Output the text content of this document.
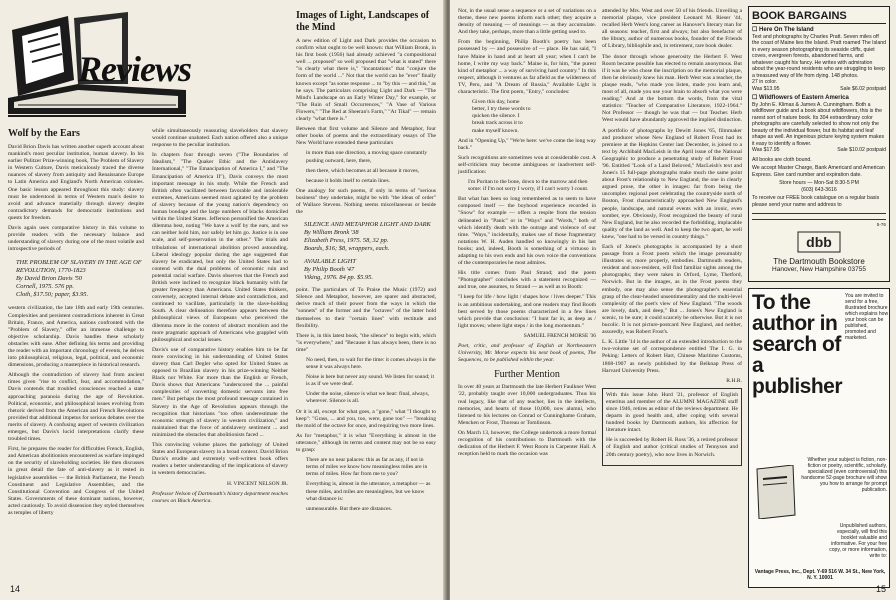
Reviews
Wolf by the Ears

David Brion Davis has written another superb account about mankind's most peculiar institution, human slavery. In his earlier Pulitzer Prize-winning book, The Problem of Slavery in Western Culture, Davis meticulously traced the diverse nuances of slavery from antiquity and Renaissance Europe to Latin America and England's North American colonies. One basic lesson appeared throughout this study: slavery must be understood in terms of Western man's desire to avoid and advance materially through slavery despite contradictory demands for democratic institutions and quests for freedom.

Davis again uses comparative history in this volume to provide readers with the necessary balance and understanding of slavery during one of the most volatile and introspective periods of

THE PROBLEM OF SLAVERY IN THE AGE OF REVOLUTION, 1770-1823
By David Brion Davis '50
Cornell, 1975. 576 pp.
Cloth, $17.50; paper, $3.95.

western civilization, the late 18th and early 19th centuries. Complexities and persistent contradictions inherent in Great Britain, France, and America, nations confronted with the "Problem of Slavery," offer an immense challenge to objective scholarship. Davis handles these scholarly obstacles with ease. After defining his terms and providing the reader with an important chronology of events, he delves into philosophical, religious, legal, political, and economic dimensions, producing a masterpiece in historical research.

Although the contradiction of slavery had from ancient times given "rise to conflict, fear, and accommodation," Davis contends that troubled consciences reached a state approaching paranoia during the age of Revolution. Political, economic, and philosophical issues evolving from rhetoric derived from the American and French Revolutions provided that additional impetus for serious debates over the merits of slavery. A confusing aspect of western civilization emerges, but Davis's lucid interpretations clarify these troubled times.

First, he prepares the reader for difficulties French, English, and American abolitionists encountered as warfare impinged on the security of slaveholding societies. He then discusses in great detail the fate of anti-slavery as it rested in legislative assemblies — the British Parliament, the French Constituent and Legislative Assemblies, and the Constitutional Convention and Congress of the United States. Governments of these dominant nations, however, acted cautiously. To avoid dissension they styled themselves as temples of liberty

while simultaneously reassuring slaveholders that slavery would continue unabated. Each nation offered also a unique response to the peculiar institution.

In chapters four through seven ("The Boundaries of Idealism," "The Quaker Ethic and the Antislavery International," "The Emancipation of America I," and "The Emancipation of America II"), Davis conveys the most important message in his study. While the French and British often vacillated between favorable and intolerable extremes, Americans seemed most agitated by the problem of slavery because of the young nation's dependency on human bondage and the large numbers of blacks domiciled within the United States. Jefferson personified the American dilemma best, noting "We have a wolf by the ears, and we can neither hold him, nor safely let him go. Justice is in one scale, and self-preservation in the other." The trials and tribulations of international abolition proved astounding. Liberal ideology popular during the age suggested that slavery be eradicated, but only the United States had to contend with the dual problems of economic ruin and potential racial warfare. Davis observes that the French and British were inclined to recognize black humanity with far greater frequency than Americans. United States thinkers, conversely, accepted internal debate and contradiction, and continued to vacillate, particularly in the slave-holding South. A clear delineation therefore appears between the philosophical views of Europeans who perceived the dilemma more in the context of abstract moralism and the more pragmatic approach of Americans who grappled with philosophical and social issues.

Davis's use of comparative history enables him to be far more convincing in his understanding of United States slavery than Carl Degler who opted for United States as opposed to Brazilian slavery in his prize-winning Neither Black nor White. Far more than the English or French, Davis shows that Americans "underscored the ... painful complexities of converting domestic servants into free men." But perhaps the most profound message contained in Slavery in the Age of Revolution appears through the recognition that historians "too often underestimate the economic strength of slavery in western civilization," and maintained that the force of antislavery sentiment ... and minimized the obstacles that abolitionists faced ...

This convincing volume places the pathology of United States and European slavery in a broad context. David Brion Davis's erudite and extremely well-written book offers readers a better understanding of the implications of slavery in western democracies.

H. VINCENT NELSON JR.

Professor Nelson of Dartmouth's history department teaches courses on Black America.

Images of Light, Landscapes of the Mind

A new edition of Light and Dark provides the occasion to confirm what ought to be well known: that William Bronk, in his first book (1956) had already achieved "a compositional well ... proposed" so well proposed that "what is stated" there "is clearly what there is," "incantations" that "conjure the form of the world ..." Not that the world can be "ever" finally known except "as some response ... to "by this — and this," as he says. The particulars comprising Light and Dark — "The Mind's Landscape on an Early Winter Day," for example, or "The Ruin of Small Occurrences," "A Vase of Various Flowers," "The Red at Sheeran's Farm," "At Tikal" — remain clearly "what there is."

Between that first volume and Silence and Metaphor, four other books of poems and the extraordinary essays of The New World have extended these particulars

in more than one direction, a moving space constantly pushing outward, here, there,

then there, which becomes at all because it moves,

because it holds itself to certain lines.

One analogy for such poems, if only in terms of "serious business" they undertake, might be with "the ideas of order" of Wallace Stevens. Nothing seems miscellaneous or beside the

SILENCE AND METAPHOR LIGHT AND DARK
By William Bronk '38
Elizabeth Press, 1975. 58, 32 pp.
Boards, $16; $8, wrappers, each.
AVAILABLE LIGHT
By Philip Booth '47
Viking, 1976. 84 pp. $5.95.

point. The particulars of To Praise the Music (1972) and Silence and Metaphor, however, are sparer and abstracted, derive much of their power from the ways in which the "sonnets" of the former and the "octaves" of the latter hold themselves to their "certain lines" with rectitude and flexibility.

There is, in this latest book, "the silence" to begin with, which "is everywhere," and "Because it has always been, there is no time"

No need, then, to wait for the time: it comes always in the sense it was always here.

Noise is here but never any sound. We listen for sound; it is as if we were deaf.

Under the noise, silence is what we hear: final, always, wherever. Silence is all.

Or it is all, except for what goes, a "gone," what "I thought to keep": "Grass, ... and you, too, were, gone too" — "breaking the mold of the octave for once, and requiring two more lines.

As for "metaphor," it is what "Everything is almost in the utterance," although its terms and content may not be so easy to grasp:

There are no near palaces: this as far as any, if not in terms of miles we know how meaningless miles are in terms of miles. How far from me to you?

Everything is, almost in the utterance, a metaphor — as these miles, and miles are meaningless, but we know what distance is:

unmeasurable. But there are distances.

14

Not, in the usual sense a sequence or a set of variations on a theme, these new poems inform each other; they acquire a density of meaning — of meanings — as they accumulate. And they take, perhaps, more than a little getting used to.

From the beginning, Philip Booth's poetry has been possessed by — and possessive of — place. He has said, "I have Maine in hand and at heart all year; when I can't be home, I write my way back." Maine is, for him, "the purest kind of metaphor ... a way of surviving hard country." In this respect, although it ventures as far afield as the wilderness of TV, Peru, and "A Dream of Russia," Available Light is characteristic. The first poem, "Entry," concludes:

Given this day, home better, I try these words to quicken the silence. I break track across it to make myself known.

And in "Opening Up," "We're here: we've come the long way back."

Such recognitions are sometimes won at considerable cost. A self-criticism may become ambiguous or inadvertent self-justification:

I'm Puritan to the bone, down to the marrow and then some: if I'm not sorry I worry, if I can't worry I count.

But what has been so long remembered as to seem to have composed itself — the boyhood experience recorded in "Snow" for example — offers a respite from the tension delineated in "Panic" or in "Ways" and "Words," both of which identify death with the outrage and violence of our time. "Ways," incidentally, makes use of those fragmentary notations W. H. Auden handled so knowingly in his last books; and, indeed, Booth is something of a virtuoso in adapting to his own ends and his own voice the conventions of the contemporaries he most admires.

His title comes from Paul Strand; and the poem "Photographer" concludes with a statement recognized — and true, one assumes, to Strand — as well as to Booth:

"I keep for life / how light / shapes how / lives deeper." This is an ambitious undertaking, and one readers may find Booth best served by those poems characterized in a few lines which provide that conclusion: "I hunt far in, as deep as / light moves; where light steps / in the long momentum."

SAMUEL FRENCH MORSE '36

Poet, critic, and professor of English at Northeastern University, Mr. Morse expects his next book of poems, The Sequences, to be published within the year.

Further Mention

In over 40 years at Dartmouth the late Herbert Faulkner West '22, probably taught over 10,000 undergraduates. Thus his real legacy, like that of any teacher, lies in the intellects, memories, and hearts of those 10,000, now alumni, who listened to his lectures on Conrad or Cunninghame Graham, Mencken or Frost, Thoreau or Tomlinson.

On March 13, however, the College undertook a more formal recognition of his contributions to Dartmouth with the dedication of the Herbert F. West Room in Carpenter Hall. A reception held to mark the occasion was

attended by Mrs. West and over 50 of his friends. Unveiling a memorial plaque, vice president Leonard M. Rieser '44, recalled Herb West's long career as Hanover's literary man for all seasons: teacher, first and always; but also benefactor of the library, author of numerous books, founder of the Friends of Library, bibliophile and, in retirement, rare book dealer.

The donor through whose generosity the Herbert F. West Room became possible has elected to remain anonymous. But if it was he who chose the inscription on the memorial plaque, then he obviously knew his man. Herb West was a teacher, the plaque reads, "who made you listen, made you learn and, most of all, made you use your brain to absorb what you were reading." And at the bottom the words, from the vital statistics: "Teacher of Comparative Literature, 1922-1964." Not Professor — though he was that — but Teacher. Herb West would have abundantly approved the implied distinction.

A portfolio of photographs by Dewitt Jones '65, filmmaker and producer whose New England of Robert Frost had its premiere at the Hopkins Center last December, is joined to a text by Archibald MacLeish in the April issue of the National Geographic to produce a penetrating study of Robert Frost '96. Entitled "Look of a Land Beloved," MacLeish's text and Jones's 15 full-page photographs make much the same point about Frost's relationship to New England, the one in clearly argued prose, the other in images: far from being the uncomplex regional poet celebrating the countryside north of Boston, Frost characteristically approached New England's people, landscape, and natural events with an ironic, even somber, eye. Obviously, Frost recognized the beauty of rural New England, but he also recorded the forbidding, implacable quality of the land as well. And to keep the two apart, he well knew, "one had to be versed in country things."

Each of Jones's photographs is accompanied by a short passage from a Frost poem which the image presumably illustrates or, more properly, embodies. Dartmouth readers, resident and non-resident, will find familiar sights among the photographs; they were taken in Orford, Lyme, Thetford, Norwich. But in the images, as in the Frost poems they embody, one may also sense the photographer's essential grasp of the clear-headed unsentimentality and the multi-level complexity of the poet's view of New England. "The woods are lovely, dark, and deep," But ... Jones's New England is scenic, to be sure; it could scarcely be otherwise. But it is not bucolic. It is not picture-postcard New England, and neither, assuredly, was Robert Frost's.

L. K. Little '14 is the author of an extended introduction to the two-volume set of correspondence entitled The I. G. in Peking: Letters of Robert Hart, Chinese Maritime Customs, 1868-1907 as newly published by the Belknap Press of Harvard University Press.

R.H.R.

With this issue John Hurd '21, professor of English emeritus and member of the ALUMNI MAGAZINE staff since 1946, retires as editor of the reviews department. He departs in good health and, after coping with several hundred books by Dartmouth authors, his affection for literature intact.

He is succeeded by Robert H. Ross '36, a retired professor of English and author (critical studies of Tennyson and 20th century poetry), who now lives in Norwich.

BOOK BARGAINS
☐ Here On The Island
Text and photographs by Charles Pratt. Seven miles off the coast of Maine lies the Island. Pratt roamed The Island in every season photographing its seaside cliffs, quiet coves, evergreen forests, abandoned farms, and whatever caught his fancy. He writes with admiration about the year-round residents who are struggling to keep a treasured way of life from dying. 148 photos.
27 in color.
Was $13.95	Sale $6.02 postpaid
☐ Wildflowers of Eastern America
By John E. Klimas & James A. Cunningham. Both a wildflower guide and a book about wildflowers, this is the rarest sort of nature book. Its 304 extraordinary color photographs are carefully selected to show not only the beauty of the individual flower, but its habitat and leaf shape as well. An ingenious picture keying system makes it easy to identify a flower.
Was $17.95	Sale $10.02 postpaid
All books are cloth bound.
We accept Master Charge, Bank Americard and American Express. Give card number and expiration date.
Store hours — Mon-Sat 8:30-5 PM
(603) 643-3616
To receive our FREE book catalogue on a regular basis please send your name and address to
5-76
dbb
The Dartmouth Bookstore
Hanover, New Hampshire 03755
You are invited to send for a free, illustrated brochure which explains how your book can be published, promoted and marketed.
To the author in search of a publisher
Whether your subject is fiction, non-fiction or poetry, scientific, scholarly, specialized (even controversial) this handsome 52-page brochure will show you how to arrange for prompt publication.
Unpublished authors, especially, will find this booklet valuable and informative. For your free copy, or more information, write to:
Vantage Press, Inc., Dept. Y-69 516 W. 34 St., New York, N. Y. 10001
15
